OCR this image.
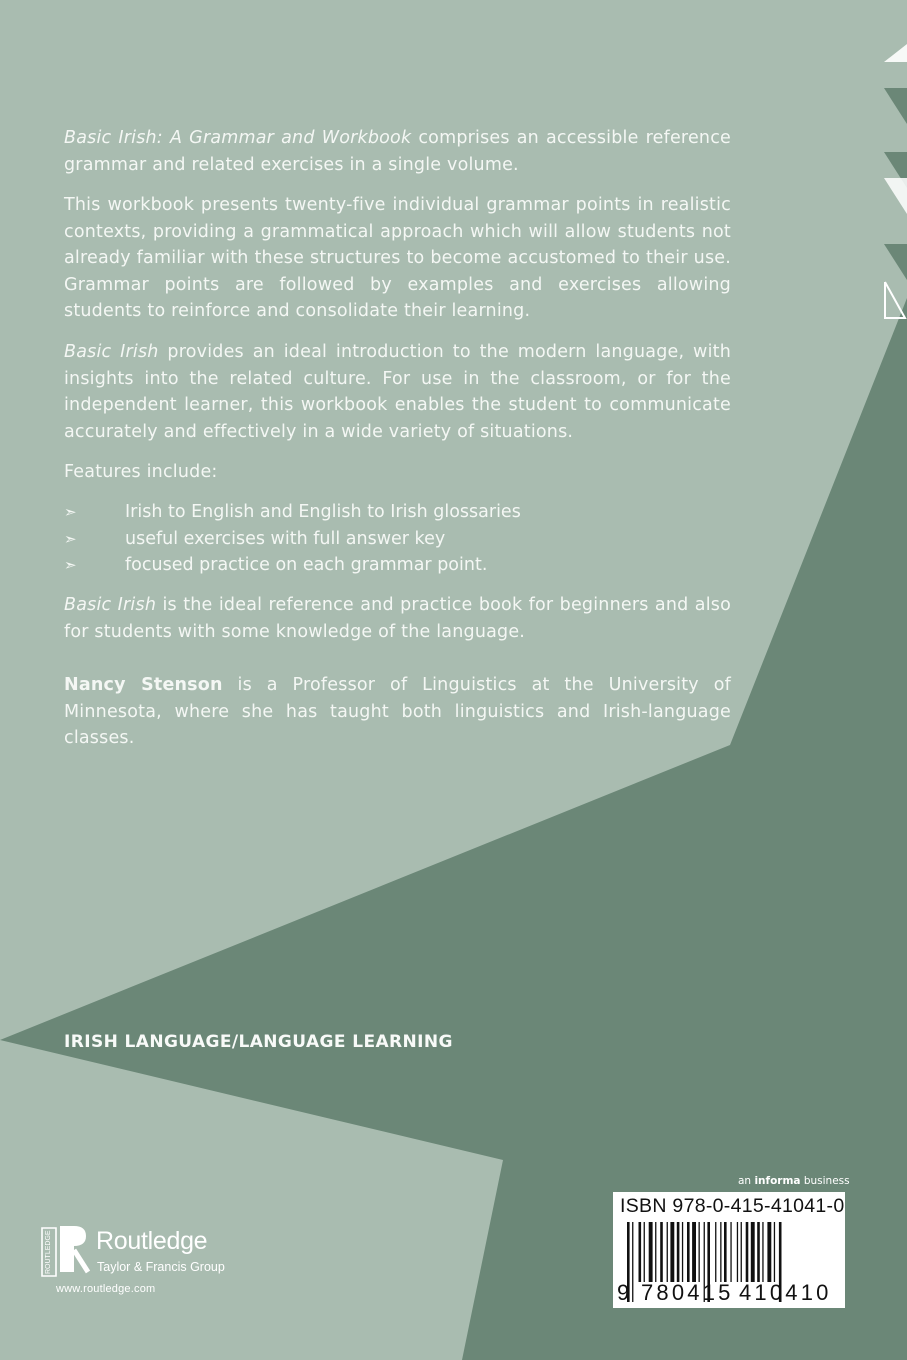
Basic Irish: A Grammar and Workbook comprises an accessible reference grammar and related exercises in a single volume.

This workbook presents twenty-five individual grammar points in realistic contexts, providing a grammatical approach which will allow students not already familiar with these structures to become accustomed to their use. Grammar points are followed by examples and exercises allowing students to reinforce and consolidate their learning.

Basic Irish provides an ideal introduction to the modern language, with insights into the related culture. For use in the classroom, or for the independent learner, this workbook enables the student to communicate accurately and effectively in a wide variety of situations.

Features include:
➣	Irish to English and English to Irish glossaries
➣	useful exercises with full answer key
➣	focused practice on each grammar point.

Basic Irish is the ideal reference and practice book for beginners and also for students with some knowledge of the language.

Nancy Stenson is a Professor of Linguistics at the University of Minnesota, where she has taught both linguistics and Irish-language classes.

IRISH LANGUAGE/LANGUAGE LEARNING
an informa business
ISBN 978-0-415-41041-0
9 780415 410410
ROUTLEDGE Routledge
Taylor & Francis Group
www.routledge.com
